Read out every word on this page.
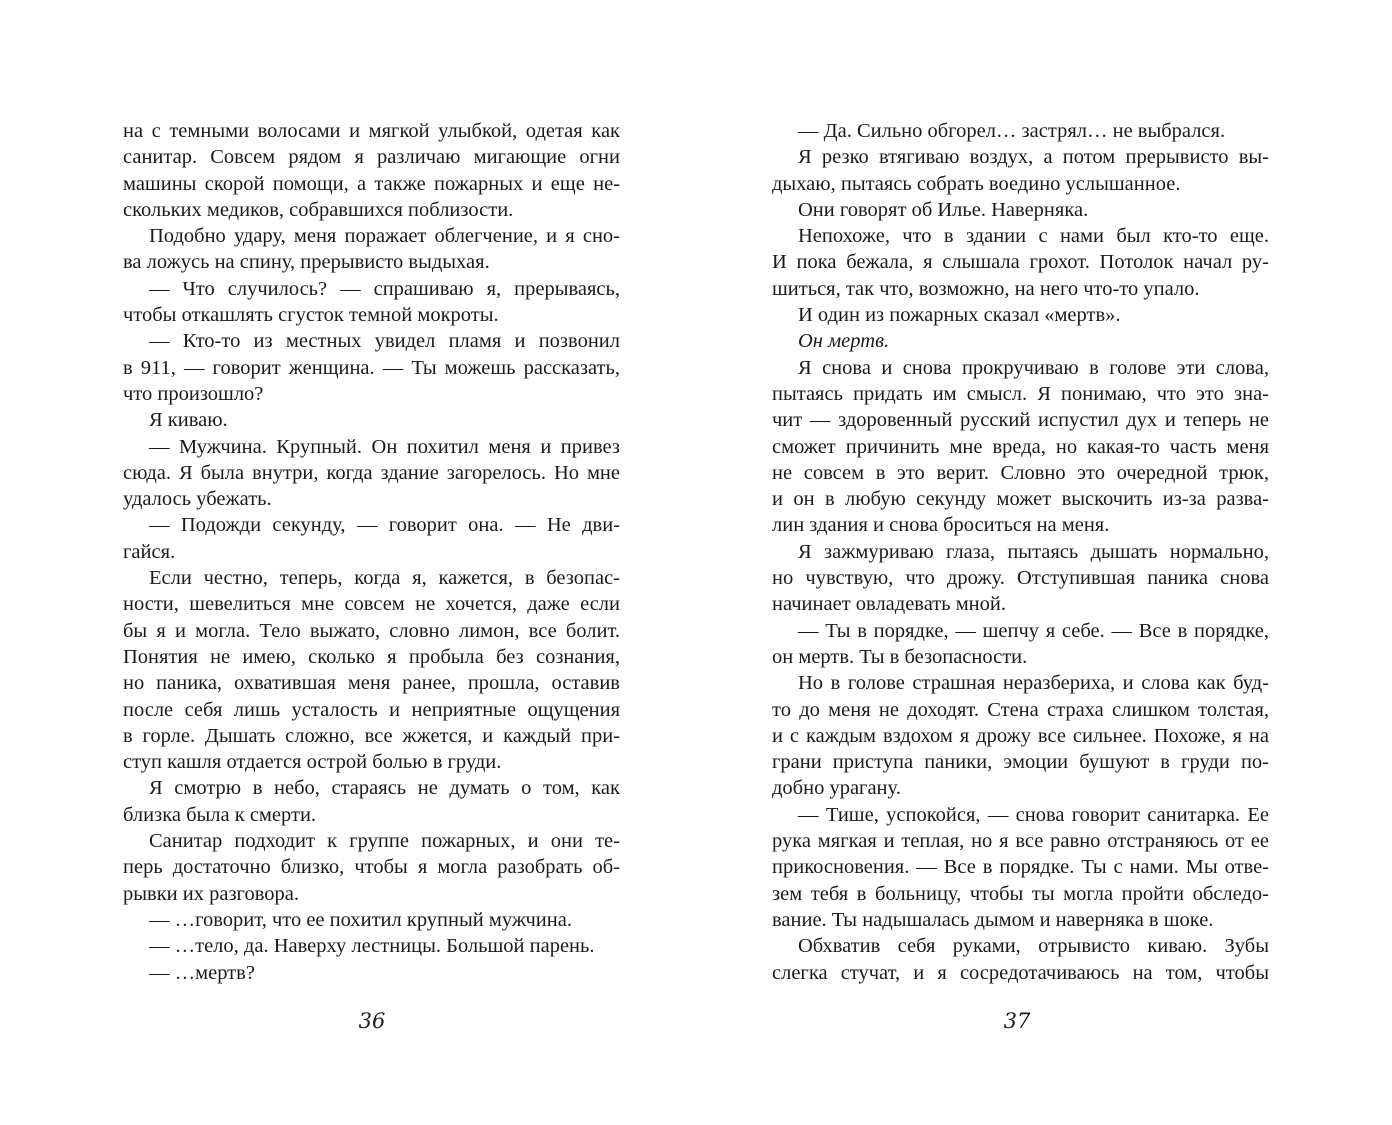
на с темными волосами и мягкой улыбкой, одетая как
санитар. Совсем рядом я различаю мигающие огни
машины скорой помощи, а также пожарных и еще не-
скольких медиков, собравшихся поблизости.
Подобно удару, меня поражает облегчение, и я сно-
ва ложусь на спину, прерывисто выдыхая.
— Что случилось? — спрашиваю я, прерываясь,
чтобы откашлять сгусток темной мокроты.
— Кто-то из местных увидел пламя и позвонил
в 911, — говорит женщина. — Ты можешь рассказать,
что произошло?
Я киваю.
— Мужчина. Крупный. Он похитил меня и привез
сюда. Я была внутри, когда здание загорелось. Но мне
удалось убежать.
— Подожди секунду, — говорит она. — Не дви-
гайся.
Если честно, теперь, когда я, кажется, в безопас-
ности, шевелиться мне совсем не хочется, даже если
бы я и могла. Тело выжато, словно лимон, все болит.
Понятия не имею, сколько я пробыла без сознания,
но паника, охватившая меня ранее, прошла, оставив
после себя лишь усталость и неприятные ощущения
в горле. Дышать сложно, все жжется, и каждый при-
ступ кашля отдается острой болью в груди.
Я смотрю в небо, стараясь не думать о том, как
близка была к смерти.
Санитар подходит к группе пожарных, и они те-
перь достаточно близко, чтобы я могла разобрать об-
рывки их разговора.
— …говорит, что ее похитил крупный мужчина.
— …тело, да. Наверху лестницы. Большой парень.
— …мертв?
36
— Да. Сильно обгорел… застрял… не выбрался.
Я резко втягиваю воздух, а потом прерывисто вы-
дыхаю, пытаясь собрать воедино услышанное.
Они говорят об Илье. Наверняка.
Непохоже, что в здании с нами был кто-то еще.
И пока бежала, я слышала грохот. Потолок начал ру-
шиться, так что, возможно, на него что-то упало.
И один из пожарных сказал «мертв».
Он мертв.
Я снова и снова прокручиваю в голове эти слова,
пытаясь придать им смысл. Я понимаю, что это зна-
чит — здоровенный русский испустил дух и теперь не
сможет причинить мне вреда, но какая-то часть меня
не совсем в это верит. Словно это очередной трюк,
и он в любую секунду может выскочить из-за разва-
лин здания и снова броситься на меня.
Я зажмуриваю глаза, пытаясь дышать нормально,
но чувствую, что дрожу. Отступившая паника снова
начинает овладевать мной.
— Ты в порядке, — шепчу я себе. — Все в порядке,
он мертв. Ты в безопасности.
Но в голове страшная неразбериха, и слова как буд-
то до меня не доходят. Стена страха слишком толстая,
и с каждым вздохом я дрожу все сильнее. Похоже, я на
грани приступа паники, эмоции бушуют в груди по-
добно урагану.
— Тише, успокойся, — снова говорит санитарка. Ее
рука мягкая и теплая, но я все равно отстраняюсь от ее
прикосновения. — Все в порядке. Ты с нами. Мы отве-
зем тебя в больницу, чтобы ты могла пройти обследо-
вание. Ты надышалась дымом и наверняка в шоке.
Обхватив себя руками, отрывисто киваю. Зубы
слегка стучат, и я сосредотачиваюсь на том, чтобы
37
